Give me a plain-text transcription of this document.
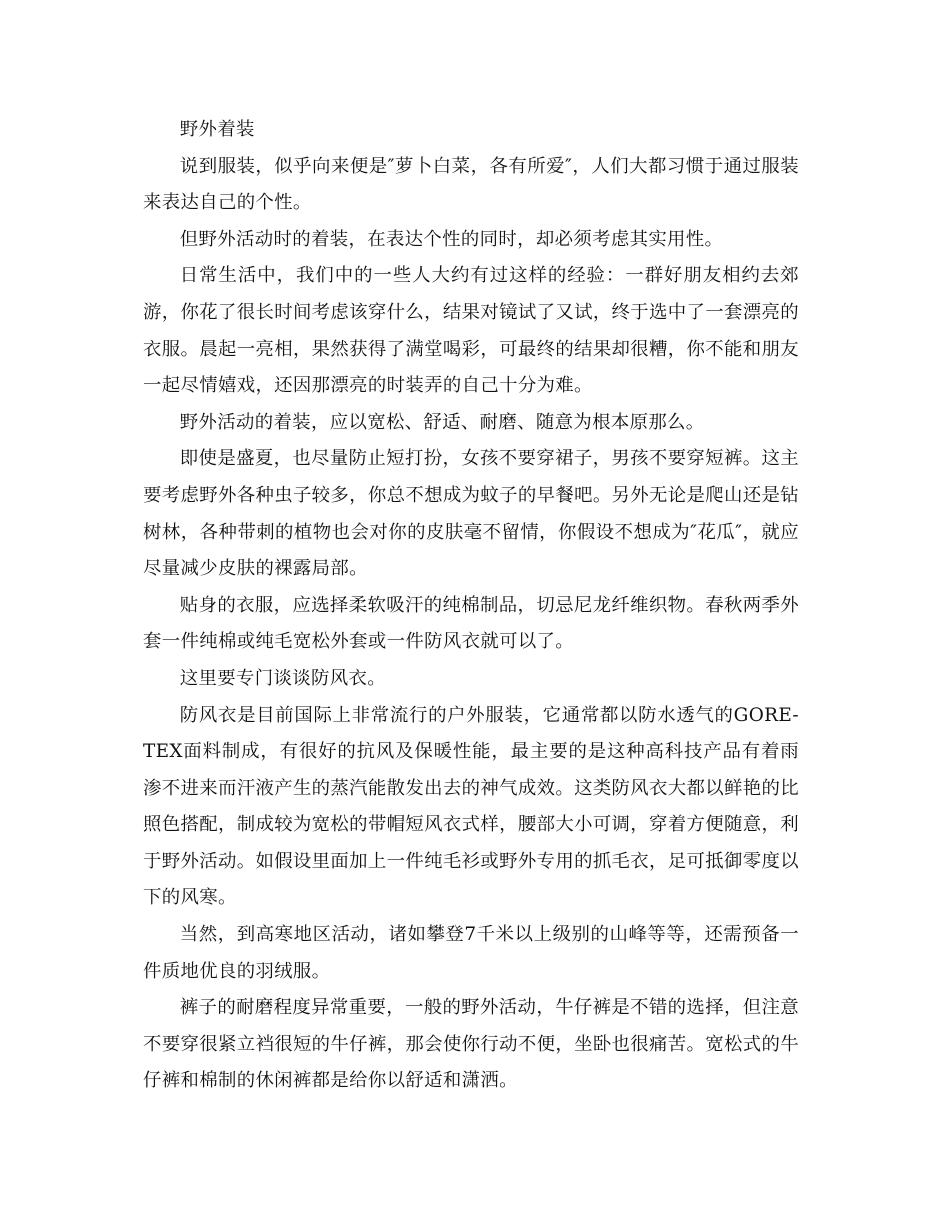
野外着装

说到服装，似乎向来便是″萝卜白菜，各有所爱″，人们大都习惯于通过服装来表达自己的个性。

但野外活动时的着装，在表达个性的同时，却必须考虑其实用性。

日常生活中，我们中的一些人大约有过这样的经验：一群好朋友相约去郊游，你花了很长时间考虑该穿什么，结果对镜试了又试，终于选中了一套漂亮的衣服。晨起一亮相，果然获得了满堂喝彩，可最终的结果却很糟，你不能和朋友一起尽情嬉戏，还因那漂亮的时装弄的自己十分为难。

野外活动的着装，应以宽松、舒适、耐磨、随意为根本原那么。

即使是盛夏，也尽量防止短打扮，女孩不要穿裙子，男孩不要穿短裤。这主要考虑野外各种虫子较多，你总不想成为蚊子的早餐吧。另外无论是爬山还是钻树林，各种带刺的植物也会对你的皮肤毫不留情，你假设不想成为″花瓜″，就应尽量减少皮肤的裸露局部。

贴身的衣服，应选择柔软吸汗的纯棉制品，切忌尼龙纤维织物。春秋两季外套一件纯棉或纯毛宽松外套或一件防风衣就可以了。

这里要专门谈谈防风衣。

防风衣是目前国际上非常流行的户外服装，它通常都以防水透气的GORE-TEX面料制成，有很好的抗风及保暖性能，最主要的是这种高科技产品有着雨渗不进来而汗液产生的蒸汽能散发出去的神气成效。这类防风衣大都以鲜艳的比照色搭配，制成较为宽松的带帽短风衣式样，腰部大小可调，穿着方便随意，利于野外活动。如假设里面加上一件纯毛衫或野外专用的抓毛衣，足可抵御零度以下的风寒。

当然，到高寒地区活动，诸如攀登7千米以上级别的山峰等等，还需预备一件质地优良的羽绒服。

裤子的耐磨程度异常重要，一般的野外活动，牛仔裤是不错的选择，但注意不要穿很紧立裆很短的牛仔裤，那会使你行动不便，坐卧也很痛苦。宽松式的牛仔裤和棉制的休闲裤都是给你以舒适和潇洒。
